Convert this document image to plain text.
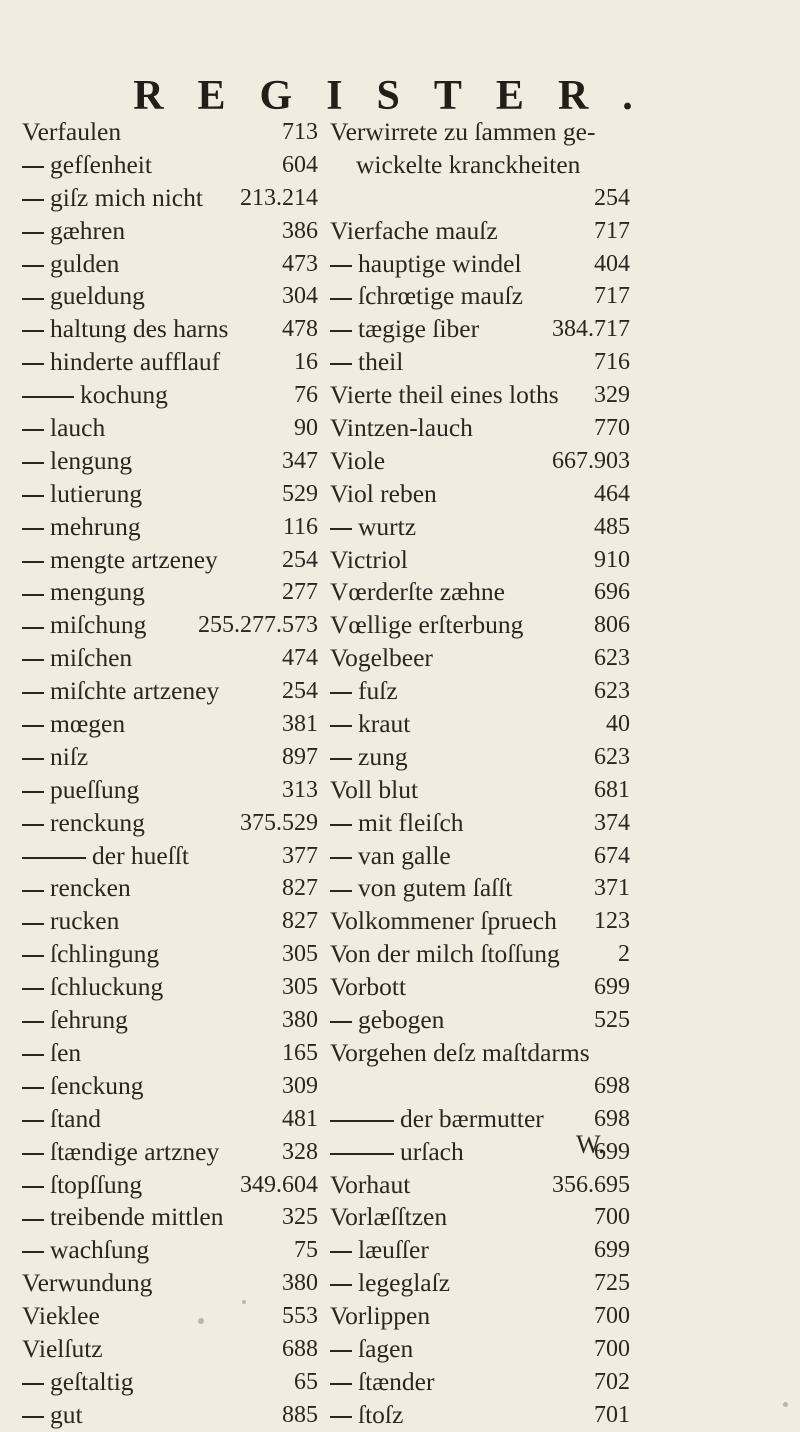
REGISTER.
Verfaulen	713
gefſenheit	604
giſz mich nicht 213.214
gæhren	386
gulden	473
gueldung	304
haltung des harns 478
hinderte aufflauf	16
kochung	76
lauch	90
lengung	347
lutierung	529
mehrung	116
mengte artzeney	254
mengung	277
miſchung 255.277.573
miſchen	474
miſchte artzeney	254
mœgen	381
niſz	897
pueſſung	313
renckung	375.529
der hueſſt	377
rencken	827
rucken	827
ſchlingung	305
ſchluckung	305
ſehrung	380
ſen	165
ſenckung	309
ſtand	481
ſtændige artzney	328
ſtopſſung	349.604
treibende mittlen 325
wachſung	75
Verwundung	380
Vieklee	553
Vielſutz	688
geſtaltig	65
gut	885
Verwirrete zu ſammen ge-
wickelte kranckheiten
254
Vierfache mauſz	717
hauptige windel	404
ſchrœtige mauſz	717
tægige ſiber	384.717
theil	716
Vierte theil eines loths 329
Vintzen-lauch	770
Viole	667.903
Viol reben	464
wurtz	485
Victriol	910
Vœrderſte zæhne	696
Vœllige erſterbung	806
Vogelbeer	623
fuſz	623
kraut	40
zung	623
Voll blut	681
mit fleiſch	374
van galle	674
von gutem ſaſſt	371
Volkommener ſpruech 123
Von der milch ſtoſſung 2
Vorbott	699
gebogen	525
Vorgehen deſz maſtdarms
698
der bærmutter 698
urſach	699
Vorhaut	356.695
Vorlæſſtzen	700
læuſſer	699
legeglaſz	725
Vorlippen	700
ſagen	700
ſtænder	702
ſtoſz	701
W.
